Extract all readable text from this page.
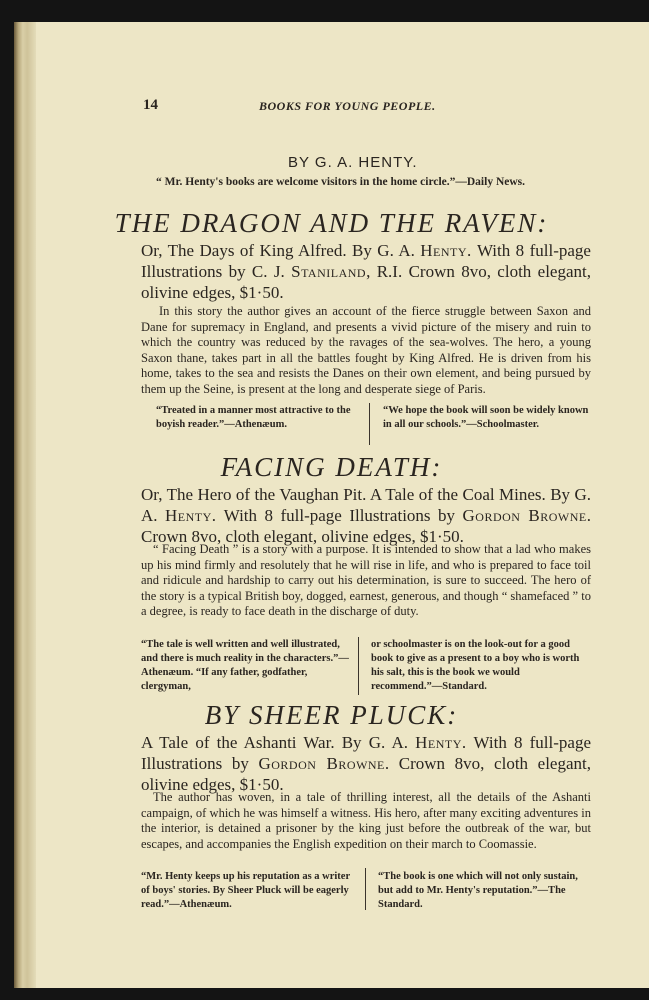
14	BOOKS FOR YOUNG PEOPLE.
BY G. A. HENTY.
“ Mr. Henty's books are welcome visitors in the home circle.”—Daily News.
THE DRAGON AND THE RAVEN:
Or, The Days of King Alfred. By G. A. Henty. With 8 full-page Illustrations by C. J. Staniland, R.I. Crown 8vo, cloth elegant, olivine edges, $1·50.
In this story the author gives an account of the fierce struggle between Saxon and Dane for supremacy in England, and presents a vivid picture of the misery and ruin to which the country was reduced by the ravages of the sea-wolves. The hero, a young Saxon thane, takes part in all the battles fought by King Alfred. He is driven from his home, takes to the sea and resists the Danes on their own element, and being pursued by them up the Seine, is present at the long and desperate siege of Paris.
“Treated in a manner most attractive to the boyish reader.”—Athenæum.
“We hope the book will soon be widely known in all our schools.”—Schoolmaster.
FACING DEATH:
Or, The Hero of the Vaughan Pit. A Tale of the Coal Mines. By G. A. Henty. With 8 full-page Illustrations by Gordon Browne. Crown 8vo, cloth elegant, olivine edges, $1·50.
“ Facing Death ” is a story with a purpose. It is intended to show that a lad who makes up his mind firmly and resolutely that he will rise in life, and who is prepared to face toil and ridicule and hardship to carry out his determination, is sure to succeed. The hero of the story is a typical British boy, dogged, earnest, generous, and though “ shamefaced ” to a degree, is ready to face death in the discharge of duty.
“The tale is well written and well illustrated, and there is much reality in the characters.”—Athenæum. “If any father, godfather, clergyman,
or schoolmaster is on the look-out for a good book to give as a present to a boy who is worth his salt, this is the book we would recommend.”—Standard.
BY SHEER PLUCK:
A Tale of the Ashanti War. By G. A. Henty. With 8 full-page Illustrations by Gordon Browne. Crown 8vo, cloth elegant, olivine edges, $1·50.
The author has woven, in a tale of thrilling interest, all the details of the Ashanti campaign, of which he was himself a witness. His hero, after many exciting adventures in the interior, is detained a prisoner by the king just before the outbreak of the war, but escapes, and accompanies the English expedition on their march to Coomassie.
“Mr. Henty keeps up his reputation as a writer of boys' stories. By Sheer Pluck will be eagerly read.”—Athenæum.
“The book is one which will not only sustain, but add to Mr. Henty's reputation.”—The Standard.
